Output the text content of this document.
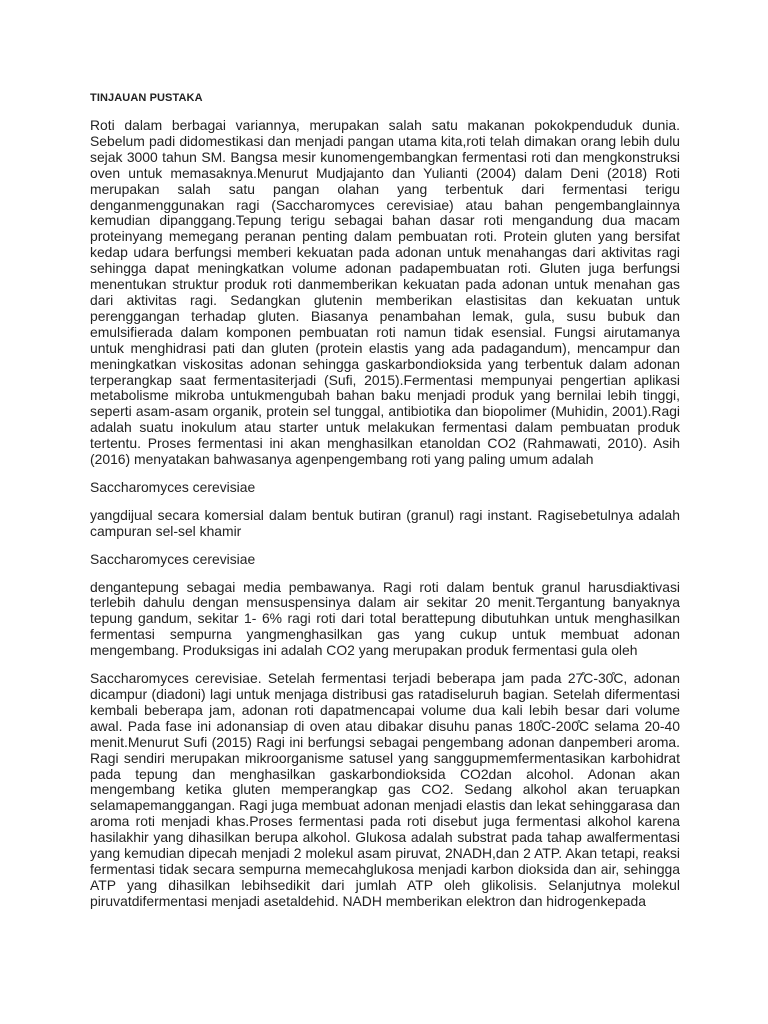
TINJAUAN PUSTAKA

Roti dalam berbagai variannya, merupakan salah satu makanan pokokpenduduk dunia. Sebelum padi didomestikasi dan menjadi pangan utama kita,roti telah dimakan orang lebih dulu sejak 3000 tahun SM. Bangsa mesir kunomengembangkan fermentasi roti dan mengkonstruksi oven untuk memasaknya.Menurut Mudjajanto dan Yulianti (2004) dalam Deni (2018) Roti merupakan salah satu pangan olahan yang terbentuk dari fermentasi terigu denganmenggunakan ragi (Saccharomyces cerevisiae) atau bahan pengembanglainnya kemudian dipanggang.Tepung terigu sebagai bahan dasar roti mengandung dua macam proteinyang memegang peranan penting dalam pembuatan roti. Protein gluten yang bersifat kedap udara berfungsi memberi kekuatan pada adonan untuk menahangas dari aktivitas ragi sehingga dapat meningkatkan volume adonan padapembuatan roti. Gluten juga berfungsi menentukan struktur produk roti danmemberikan kekuatan pada adonan untuk menahan gas dari aktivitas ragi. Sedangkan glutenin memberikan elastisitas dan kekuatan untuk perenggangan terhadap gluten. Biasanya penambahan lemak, gula, susu bubuk dan emulsifierada dalam komponen pembuatan roti namun tidak esensial. Fungsi airutamanya untuk menghidrasi pati dan gluten (protein elastis yang ada padagandum), mencampur dan meningkatkan viskositas adonan sehingga gaskarbondioksida yang terbentuk dalam adonan terperangkap saat fermentasiterjadi (Sufi, 2015).Fermentasi mempunyai pengertian aplikasi metabolisme mikroba untukmengubah bahan baku menjadi produk yang bernilai lebih tinggi, seperti asam-asam organik, protein sel tunggal, antibiotika dan biopolimer (Muhidin, 2001).Ragi adalah suatu inokulum atau starter untuk melakukan fermentasi dalam pembuatan produk tertentu. Proses fermentasi ini akan menghasilkan etanoldan CO2 (Rahmawati, 2010). Asih (2016) menyatakan bahwasanya agenpengembang roti yang paling umum adalah

Saccharomyces cerevisiae

yangdijual secara komersial dalam bentuk butiran (granul) ragi instant. Ragisebetulnya adalah campuran sel-sel khamir

Saccharomyces cerevisiae

dengantepung sebagai media pembawanya. Ragi roti dalam bentuk granul harusdiaktivasi terlebih dahulu dengan mensuspensinya dalam air sekitar 20 menit.Tergantung banyaknya tepung gandum, sekitar 1- 6% ragi roti dari total berattepung dibutuhkan untuk menghasilkan fermentasi sempurna yangmenghasilkan gas yang cukup untuk membuat adonan mengembang. Produksigas ini adalah CO2 yang merupakan produk fermentasi gula oleh

Saccharomyces cerevisiae. Setelah fermentasi terjadi beberapa jam pada 27̊C-30̊C, adonan dicampur (diadoni) lagi untuk menjaga distribusi gas ratadiseluruh bagian. Setelah difermentasi kembali beberapa jam, adonan roti dapatmencapai volume dua kali lebih besar dari volume awal. Pada fase ini adonansiap di oven atau dibakar disuhu panas 180̊C-200̊C selama 20-40 menit.Menurut Sufi (2015) Ragi ini berfungsi sebagai pengembang adonan danpemberi aroma. Ragi sendiri merupakan mikroorganisme satusel yang sanggupmemfermentasikan karbohidrat pada tepung dan menghasilkan gaskarbondioksida CO2dan alcohol. Adonan akan mengembang ketika gluten memperangkap gas CO2. Sedang alkohol akan teruapkan selamapemanggangan. Ragi juga membuat adonan menjadi elastis dan lekat sehinggarasa dan aroma roti menjadi khas.Proses fermentasi pada roti disebut juga fermentasi alkohol karena hasilakhir yang dihasilkan berupa alkohol. Glukosa adalah substrat pada tahap awalfermentasi yang kemudian dipecah menjadi 2 molekul asam piruvat, 2NADH,dan 2 ATP. Akan tetapi, reaksi fermentasi tidak secara sempurna memecahglukosa menjadi karbon dioksida dan air, sehingga ATP yang dihasilkan lebihsedikit dari jumlah ATP oleh glikolisis. Selanjutnya molekul piruvatdifermentasi menjadi asetaldehid. NADH memberikan elektron dan hidrogenkepada
